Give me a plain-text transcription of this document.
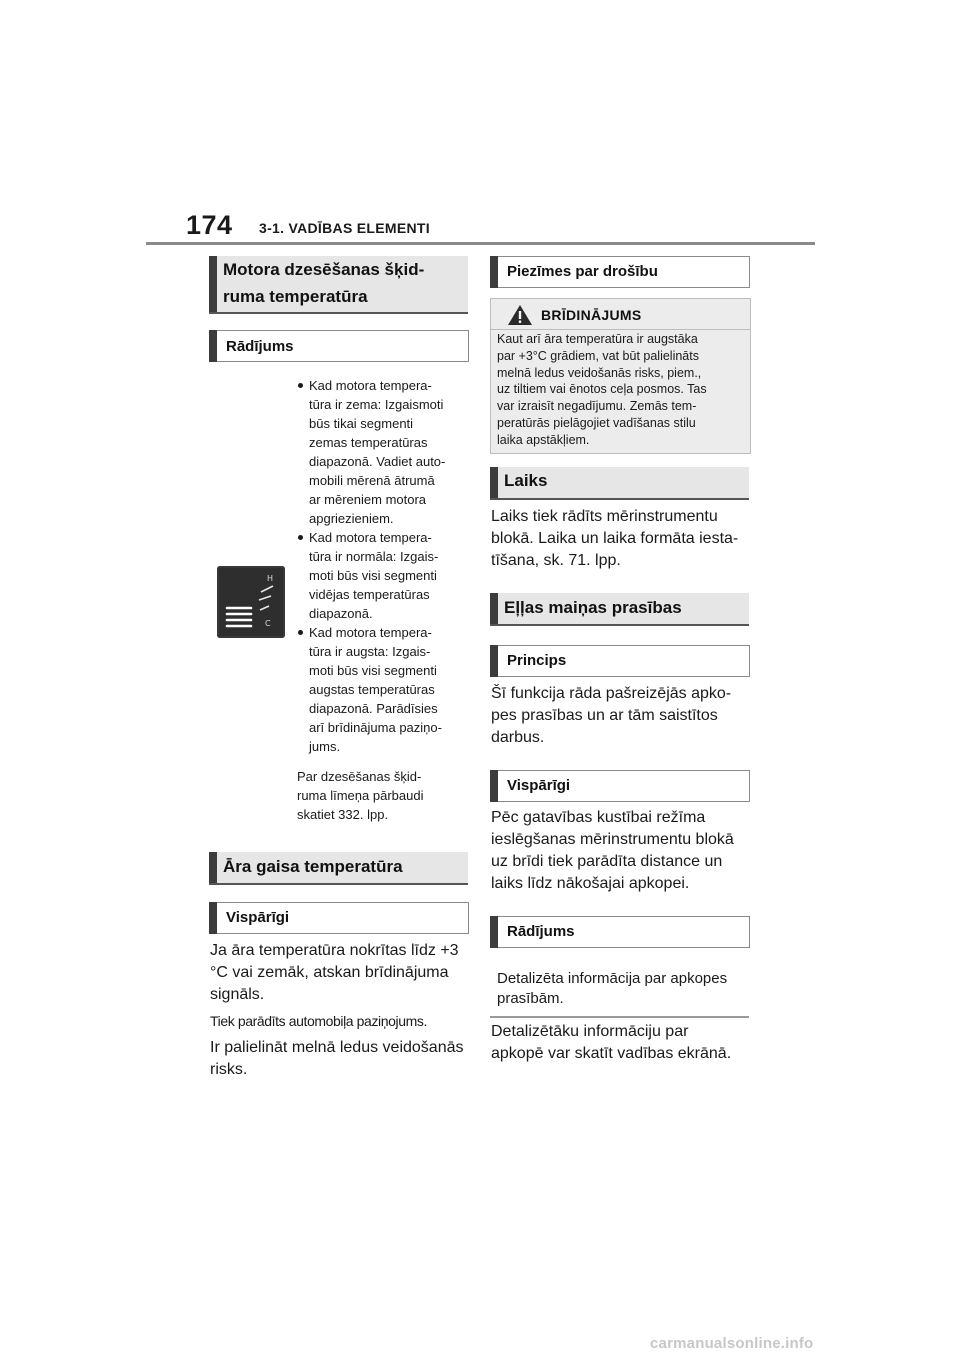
174 3-1. VADĪBAS ELEMENTI
Motora dzesēšanas šķid-
ruma temperatūra
Rādījums
C
H
Kad motora tempera-
tūra ir zema: Izgaismoti
būs tikai segmenti
zemas temperatūras
diapazonā. Vadiet auto-
mobili mērenā ātrumā
ar mēreniem motora
apgriezieniem.
Kad motora tempera-
tūra ir normāla: Izgais-
moti būs visi segmenti
vidējas temperatūras
diapazonā.
Kad motora tempera-
tūra ir augsta: Izgais-
moti būs visi segmenti
augstas temperatūras
diapazonā. Parādīsies
arī brīdinājuma paziņo-
jums.
Par dzesēšanas šķid-
ruma līmeņa pārbaudi
skatiet 332. lpp.
Āra gaisa temperatūra
Vispārīgi
Ja āra temperatūra nokrītas līdz +3
°C vai zemāk, atskan brīdinājuma
signāls.
Tiek parādīts automobiļa paziņojums.
Ir palielināt melnā ledus veidošanās
risks.
Piezīmes par drošību
BRĪDINĀJUMS
Kaut arī āra temperatūra ir augstāka
par +3°C grādiem, vat būt palielināts
melnā ledus veidošanās risks, piem.,
uz tiltiem vai ēnotos ceļa posmos. Tas
var izraisīt negadījumu. Zemās tem-
peratūrās pielāgojiet vadīšanas stilu
laika apstākļiem.
Laiks
Laiks tiek rādīts mērinstrumentu
blokā. Laika un laika formāta iesta-
tīšana, sk. 71. lpp.
Eļļas maiņas prasības
Princips
Šī funkcija rāda pašreizējās apko-
pes prasības un ar tām saistītos
darbus.
Vispārīgi
Pēc gatavības kustībai režīma
ieslēgšanas mērinstrumentu blokā
uz brīdi tiek parādīta distance un
laiks līdz nākošajai apkopei.
Rādījums
Detalizēta informācija par apkopes
prasībām.
Detalizētāku informāciju par
apkopē var skatīt vadības ekrānā.
carmanualsonline.info
